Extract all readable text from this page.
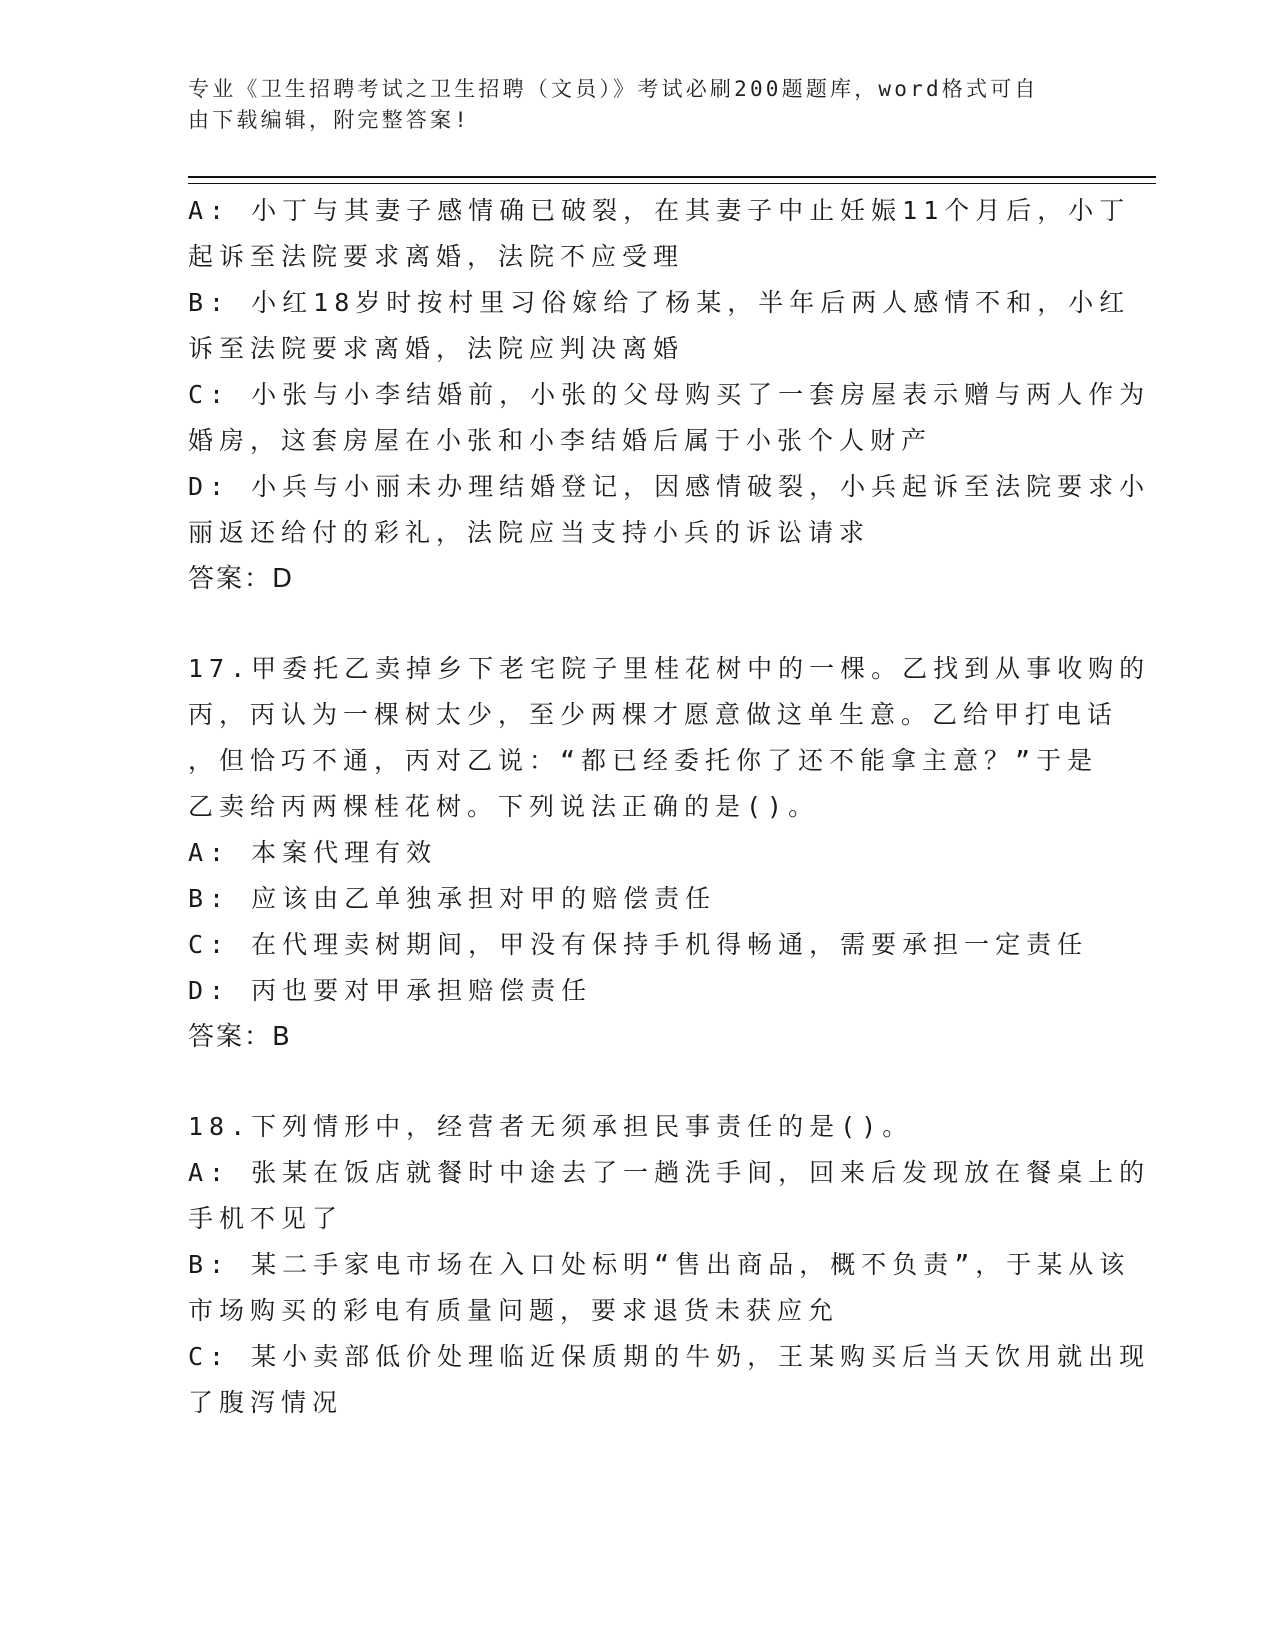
专业《卫生招聘考试之卫生招聘（文员）》考试必刷200题题库，word格式可自
由下载编辑，附完整答案!
A: 小丁与其妻子感情确已破裂，在其妻子中止妊娠11个月后，小丁
起诉至法院要求离婚，法院不应受理
B: 小红18岁时按村里习俗嫁给了杨某，半年后两人感情不和，小红
诉至法院要求离婚，法院应判决离婚
C: 小张与小李结婚前，小张的父母购买了一套房屋表示赠与两人作为
婚房，这套房屋在小张和小李结婚后属于小张个人财产
D: 小兵与小丽未办理结婚登记，因感情破裂，小兵起诉至法院要求小
丽返还给付的彩礼，法院应当支持小兵的诉讼请求
答案：D
17.甲委托乙卖掉乡下老宅院子里桂花树中的一棵。乙找到从事收购的
丙，丙认为一棵树太少，至少两棵才愿意做这单生意。乙给甲打电话
，但恰巧不通，丙对乙说：“都已经委托你了还不能拿主意？”于是
乙卖给丙两棵桂花树。下列说法正确的是()。
A: 本案代理有效
B: 应该由乙单独承担对甲的赔偿责任
C: 在代理卖树期间，甲没有保持手机得畅通，需要承担一定责任
D: 丙也要对甲承担赔偿责任
答案：B
18.下列情形中，经营者无须承担民事责任的是()。
A: 张某在饭店就餐时中途去了一趟洗手间，回来后发现放在餐桌上的
手机不见了
B: 某二手家电市场在入口处标明“售出商品，概不负责”，于某从该
市场购买的彩电有质量问题，要求退货未获应允
C: 某小卖部低价处理临近保质期的牛奶，王某购买后当天饮用就出现
了腹泻情况
